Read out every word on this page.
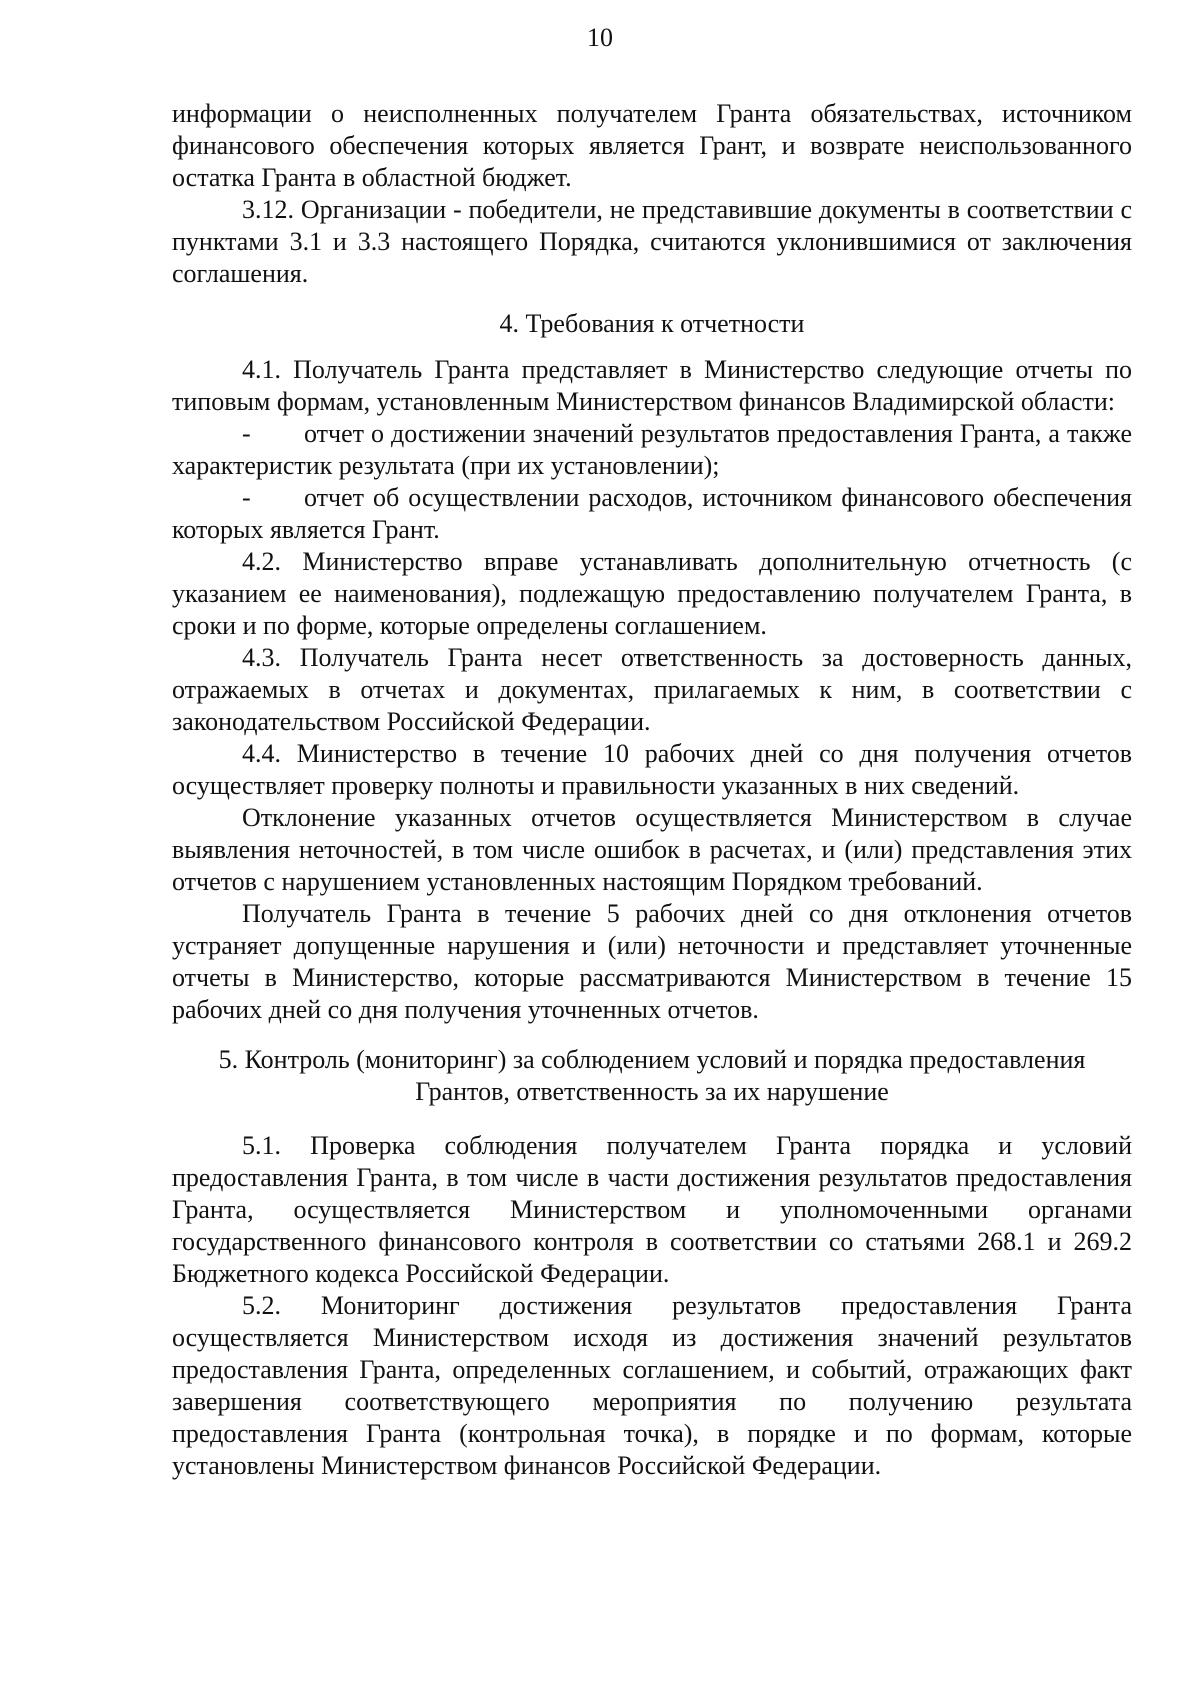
10

информации о неисполненных получателем Гранта обязательствах, источником финансового обеспечения которых является Грант, и возврате неиспользованного остатка Гранта в областной бюджет.

3.12. Организации - победители, не представившие документы в соответствии с пунктами 3.1 и 3.3 настоящего Порядка, считаются уклонившимися от заключения соглашения.

4. Требования к отчетности

4.1. Получатель Гранта представляет в Министерство следующие отчеты по типовым формам, установленным Министерством финансов Владимирской области:

- отчет о достижении значений результатов предоставления Гранта, а также характеристик результата (при их установлении);

- отчет об осуществлении расходов, источником финансового обеспечения которых является Грант.

4.2. Министерство вправе устанавливать дополнительную отчетность (с указанием ее наименования), подлежащую предоставлению получателем Гранта, в сроки и по форме, которые определены соглашением.

4.3. Получатель Гранта несет ответственность за достоверность данных, отражаемых в отчетах и документах, прилагаемых к ним, в соответствии с законодательством Российской Федерации.

4.4. Министерство в течение 10 рабочих дней со дня получения отчетов осуществляет проверку полноты и правильности указанных в них сведений.

Отклонение указанных отчетов осуществляется Министерством в случае выявления неточностей, в том числе ошибок в расчетах, и (или) представления этих отчетов с нарушением установленных настоящим Порядком требований.

Получатель Гранта в течение 5 рабочих дней со дня отклонения отчетов устраняет допущенные нарушения и (или) неточности и представляет уточненные отчеты в Министерство, которые рассматриваются Министерством в течение 15 рабочих дней со дня получения уточненных отчетов.

5. Контроль (мониторинг) за соблюдением условий и порядка предоставления

Грантов, ответственность за их нарушение

5.1. Проверка соблюдения получателем Гранта порядка и условий предоставления Гранта, в том числе в части достижения результатов предоставления Гранта, осуществляется Министерством и уполномоченными органами государственного финансового контроля в соответствии со статьями 268.1 и 269.2 Бюджетного кодекса Российской Федерации.

5.2. Мониторинг достижения результатов предоставления Гранта осуществляется Министерством исходя из достижения значений результатов предоставления Гранта, определенных соглашением, и событий, отражающих факт завершения соответствующего мероприятия по получению результата предоставления Гранта (контрольная точка), в порядке и по формам, которые установлены Министерством финансов Российской Федерации.
